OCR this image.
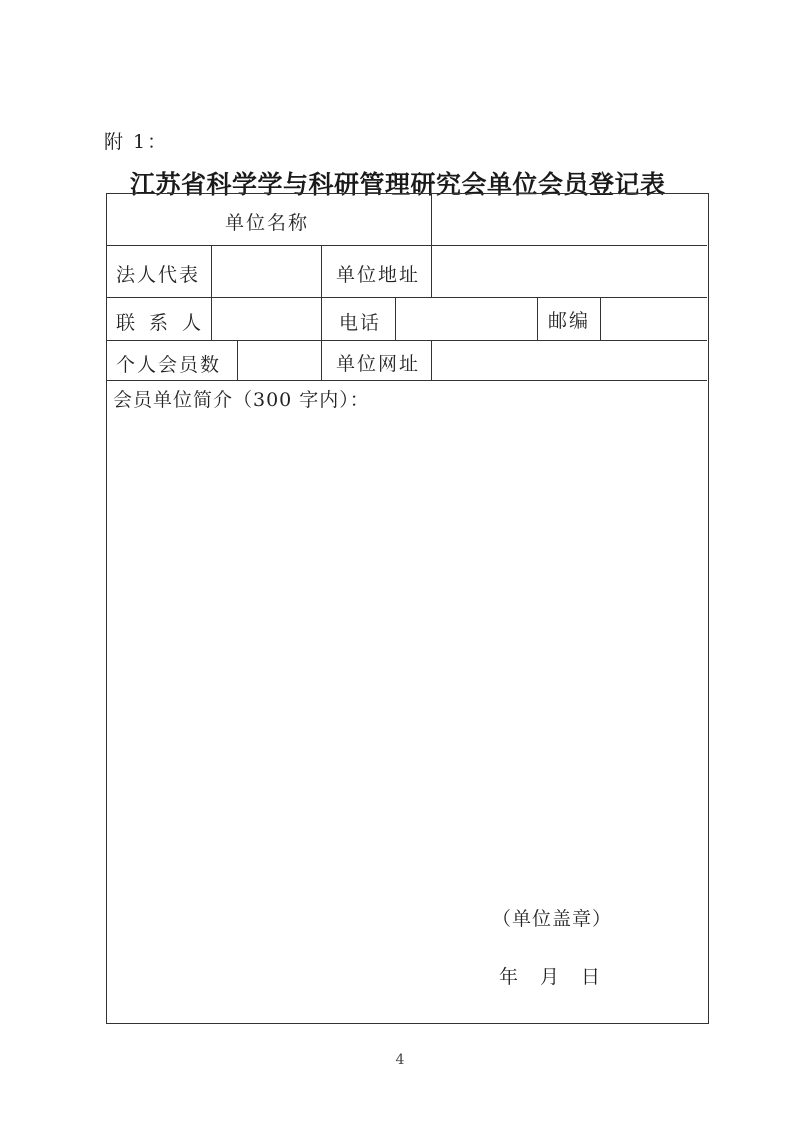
附 1：
江苏省科学学与科研管理研究会单位会员登记表
单位名称
法人代表	单位地址
联系人	电话	邮编
个人会员数	单位网址
会员单位简介（300 字内）：
（单位盖章）
年 月 日
4
